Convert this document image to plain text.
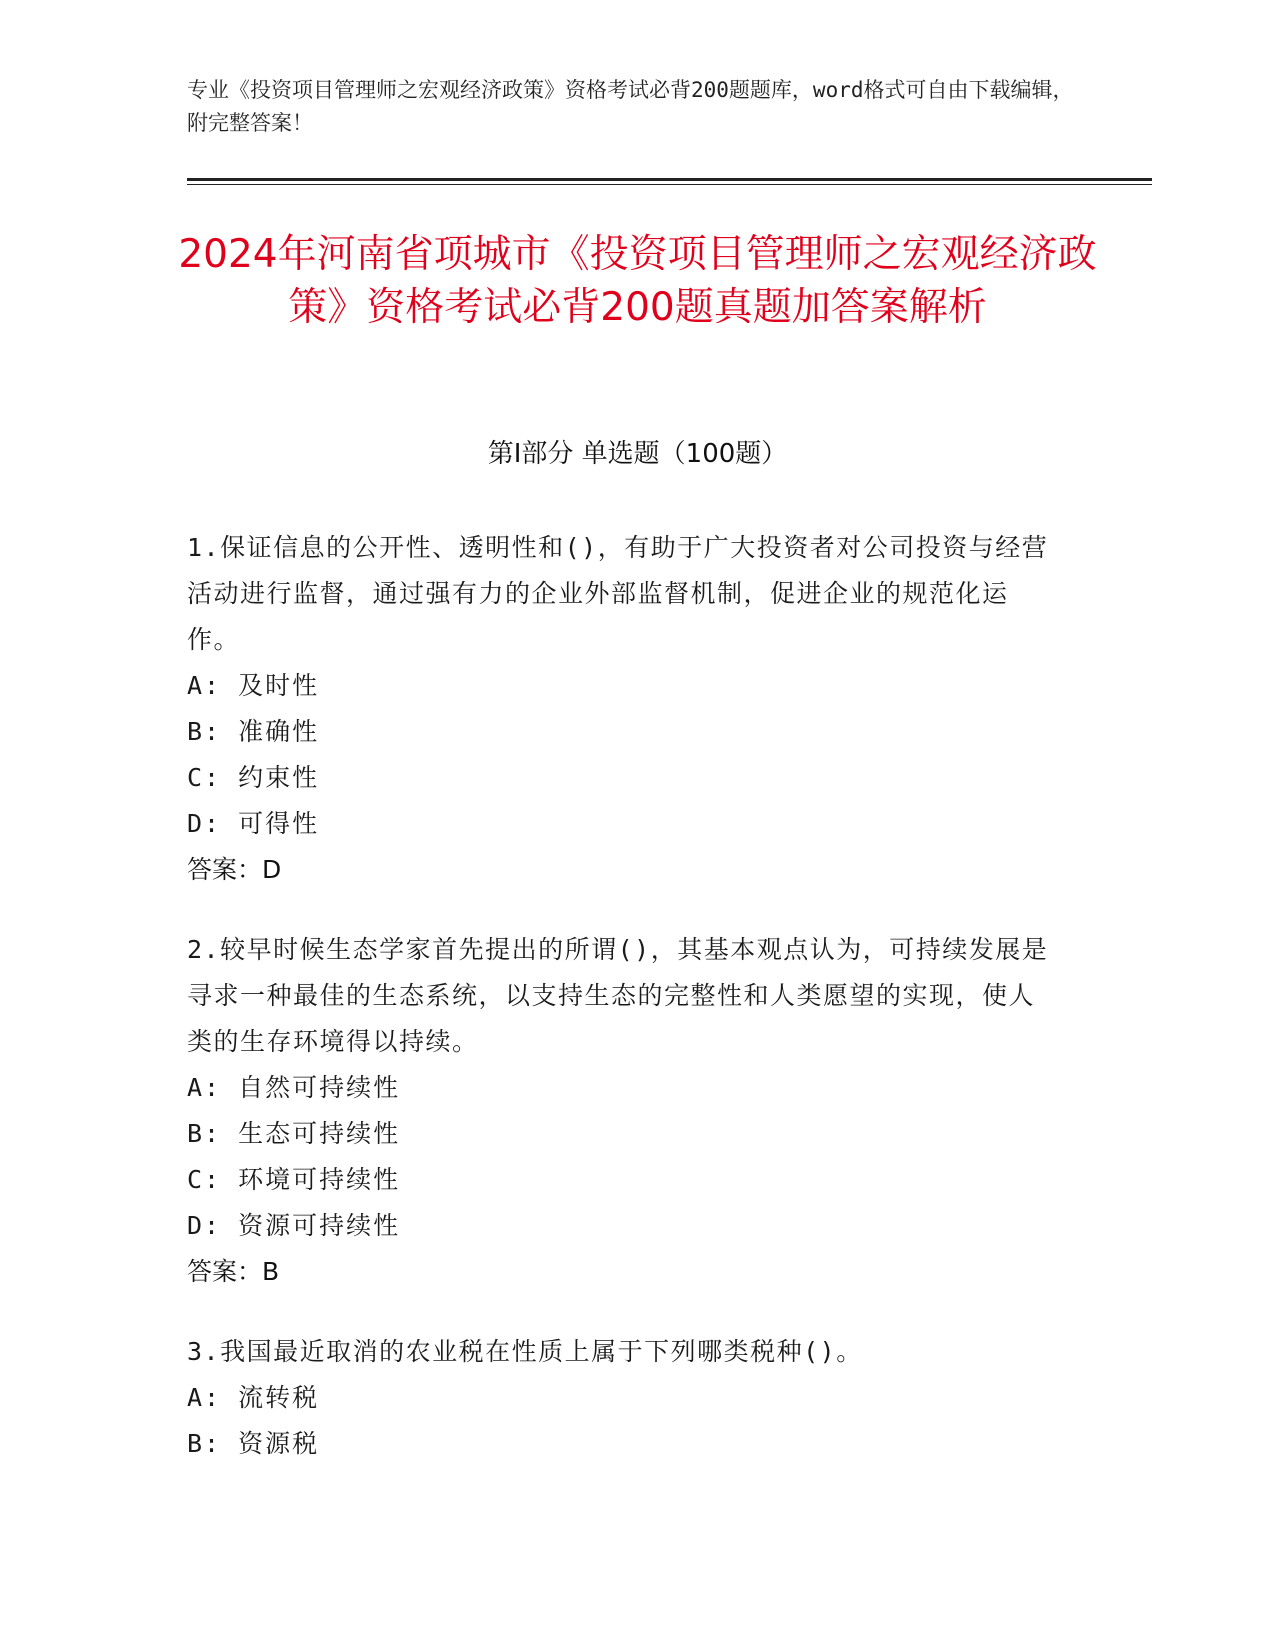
专业《投资项目管理师之宏观经济政策》资格考试必背200题题库，word格式可自由下载编辑，附完整答案！
2024年河南省项城市《投资项目管理师之宏观经济政策》资格考试必背200题真题加答案解析
第I部分 单选题（100题）
1.保证信息的公开性、透明性和()，有助于广大投资者对公司投资与经营活动进行监督，通过强有力的企业外部监督机制，促进企业的规范化运作。
A: 及时性
B: 准确性
C: 约束性
D: 可得性
答案：D
2.较早时候生态学家首先提出的所谓()，其基本观点认为，可持续发展是寻求一种最佳的生态系统，以支持生态的完整性和人类愿望的实现，使人类的生存环境得以持续。
A: 自然可持续性
B: 生态可持续性
C: 环境可持续性
D: 资源可持续性
答案：B
3.我国最近取消的农业税在性质上属于下列哪类税种()。
A: 流转税
B: 资源税
